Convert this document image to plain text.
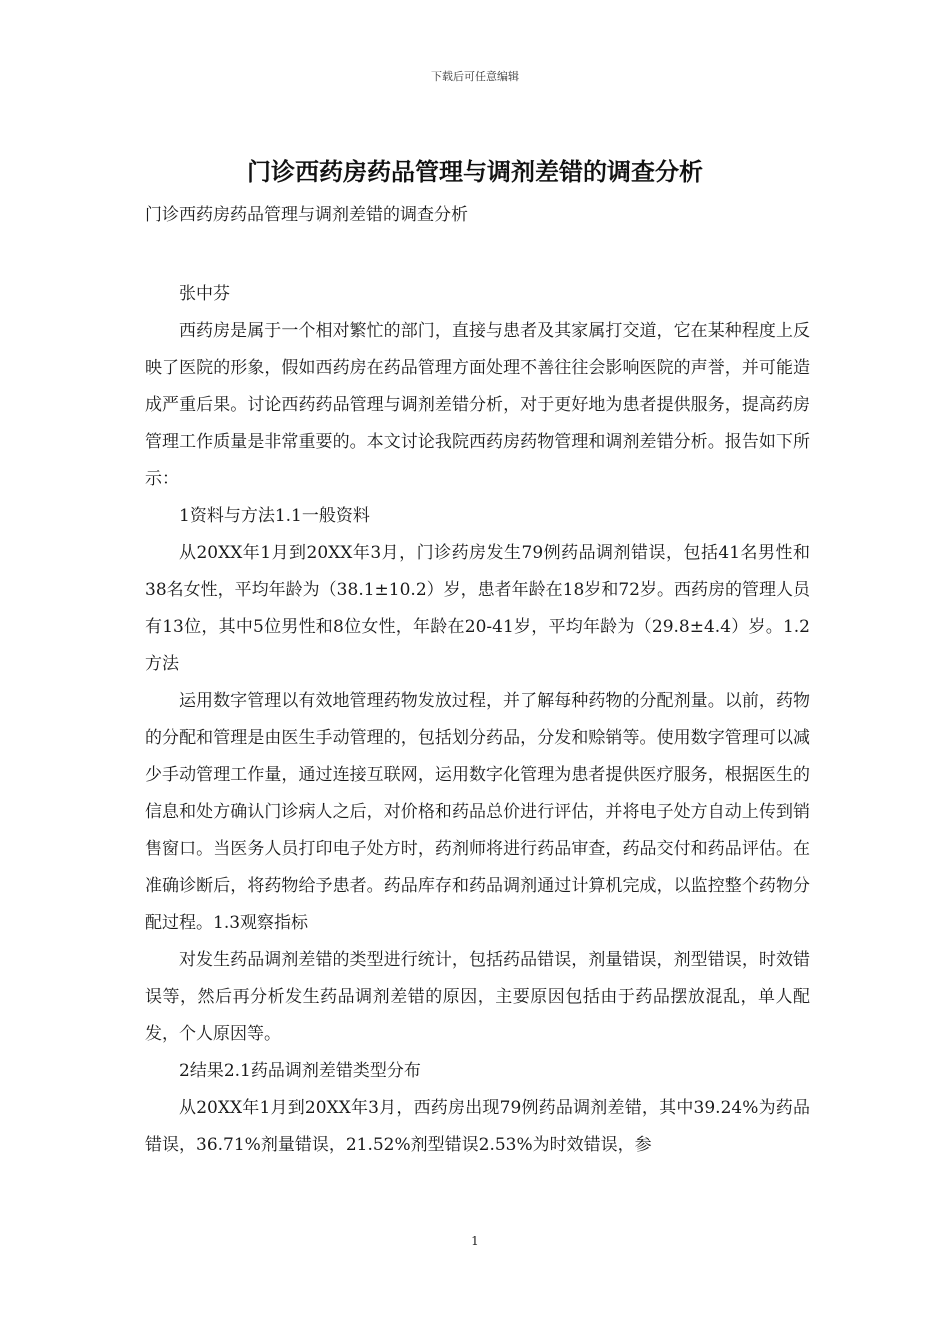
下载后可任意编辑
门诊西药房药品管理与调剂差错的调查分析
门诊西药房药品管理与调剂差错的调查分析

张中芬

西药房是属于一个相对繁忙的部门，直接与患者及其家属打交道，它在某种程度上反映了医院的形象，假如西药房在药品管理方面处理不善往往会影响医院的声誉，并可能造成严重后果。讨论西药药品管理与调剂差错分析，对于更好地为患者提供服务，提高药房管理工作质量是非常重要的。本文讨论我院西药房药物管理和调剂差错分析。报告如下所示：

1资料与方法1.1一般资料

从20XX年1月到20XX年3月，门诊药房发生79例药品调剂错误，包括41名男性和38名女性，平均年龄为（38.1±10.2）岁，患者年龄在18岁和72岁。西药房的管理人员有13位，其中5位男性和8位女性，年龄在20-41岁，平均年龄为（29.8±4.4）岁。1.2方法

运用数字管理以有效地管理药物发放过程，并了解每种药物的分配剂量。以前，药物的分配和管理是由医生手动管理的，包括划分药品，分发和赊销等。使用数字管理可以减少手动管理工作量，通过连接互联网，运用数字化管理为患者提供医疗服务，根据医生的信息和处方确认门诊病人之后，对价格和药品总价进行评估，并将电子处方自动上传到销售窗口。当医务人员打印电子处方时，药剂师将进行药品审查，药品交付和药品评估。在准确诊断后，将药物给予患者。药品库存和药品调剂通过计算机完成，以监控整个药物分配过程。1.3观察指标

对发生药品调剂差错的类型进行统计，包括药品错误，剂量错误，剂型错误，时效错误等，然后再分析发生药品调剂差错的原因，主要原因包括由于药品摆放混乱，单人配发，个人原因等。

2结果2.1药品调剂差错类型分布

从20XX年1月到20XX年3月，西药房出现79例药品调剂差错，其中39.24%为药品错误，36.71%剂量错误，21.52%剂型错误2.53%为时效错误，参

1
